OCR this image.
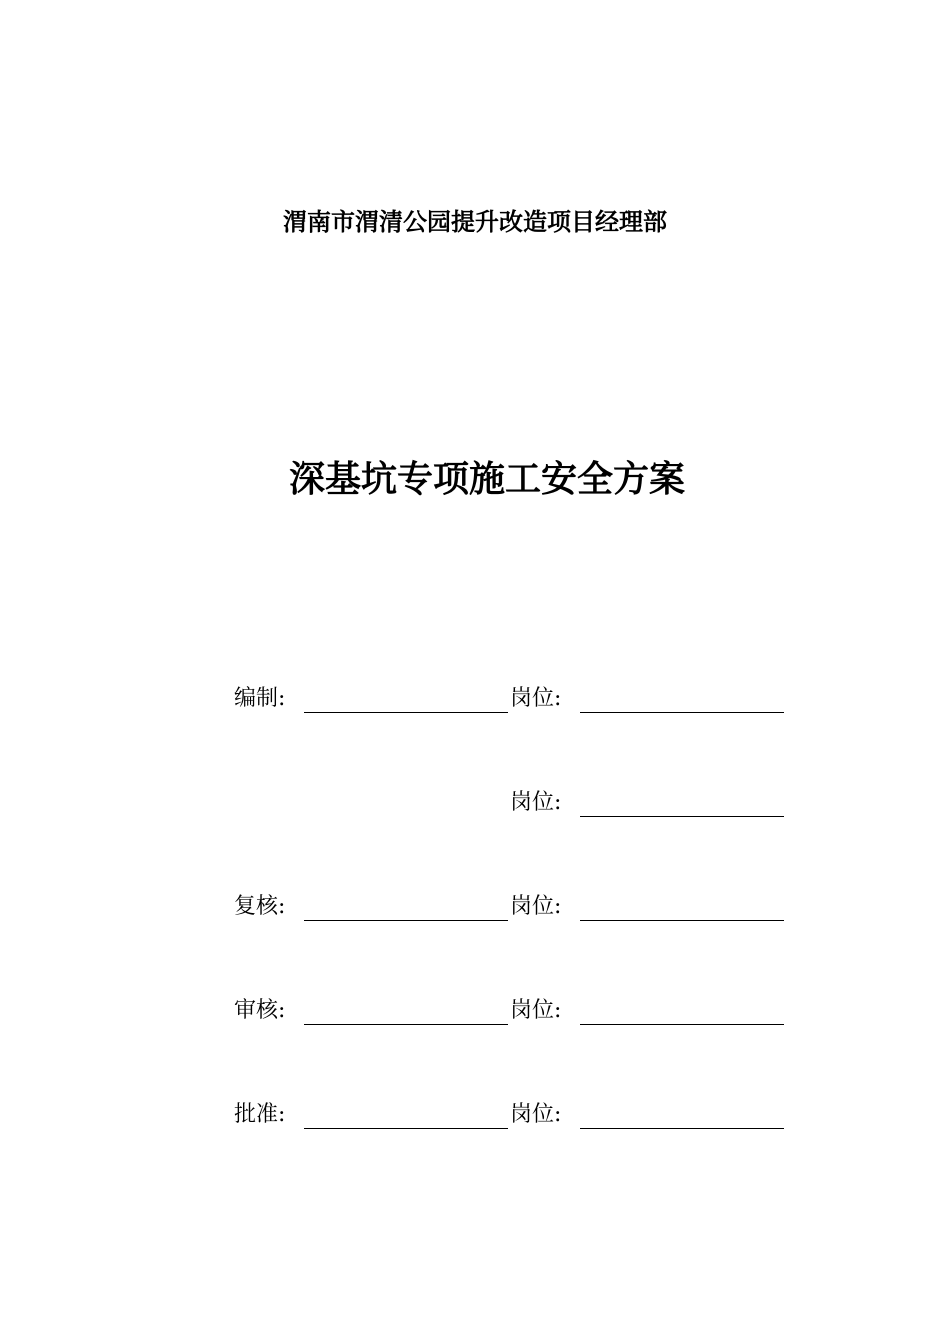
渭南市渭清公园提升改造项目经理部
深基坑专项施工安全方案
编制:	岗位:
岗位:
复核:	岗位:
审核:	岗位:
批准:	岗位:
